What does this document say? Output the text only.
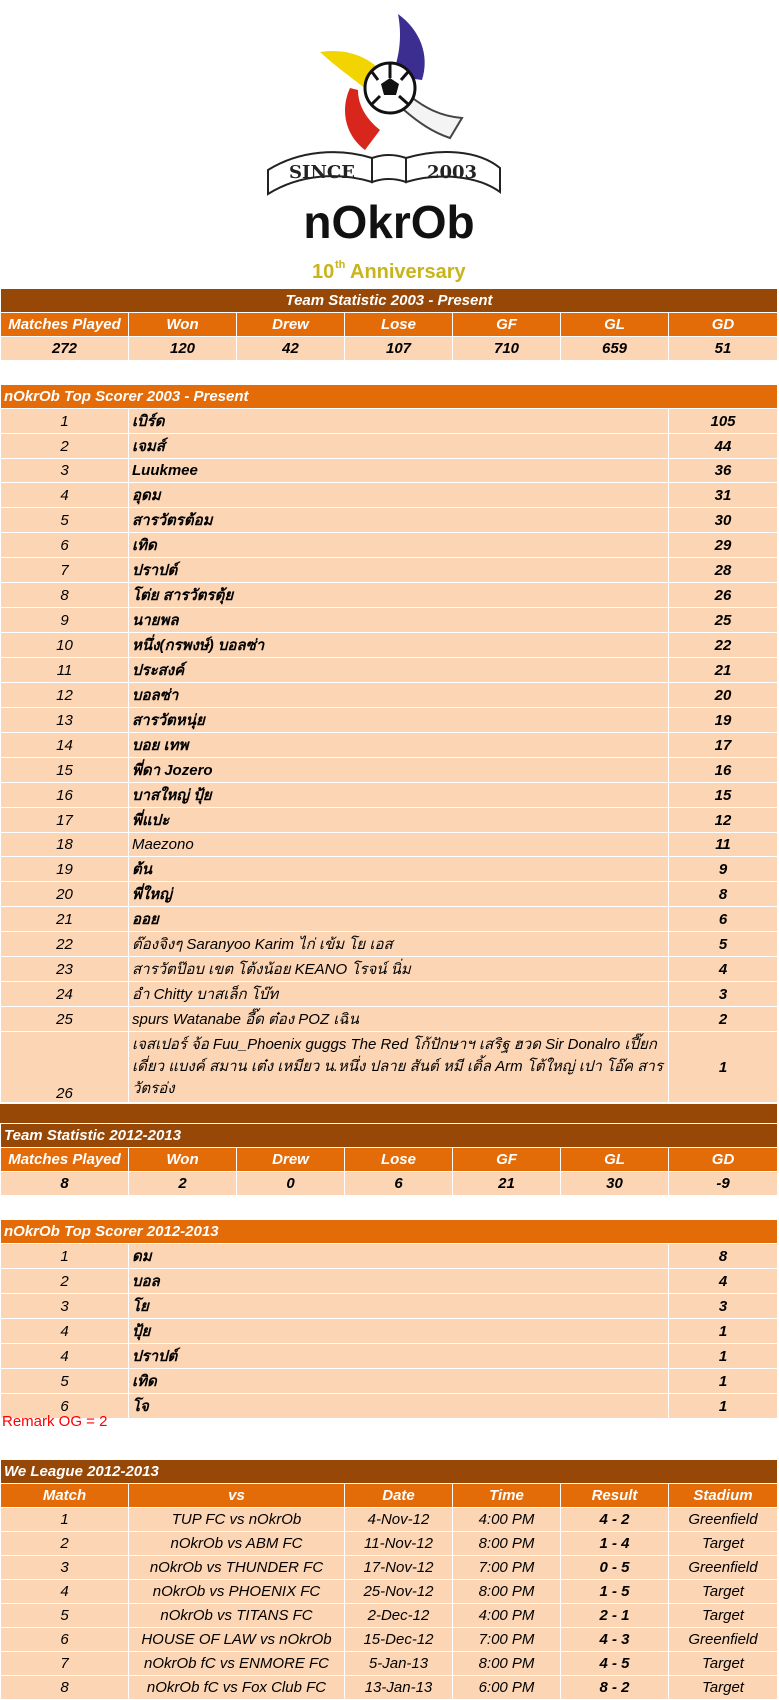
SINCE	2003
nOkrOb
10 th Anniversary
Team Statistic 2003 - Present						
Matches Played	Won	Drew	Lose	GF	GL	GD
272	120	42	107	710	659	51
nOkrOb Top Scorer 2003 - Present		
1	เบิร์ด	105
2	เจมส์	44
3	Luukmee	36
4	อุดม	31
5	สารวัตรต้อม	30
6	เทิด	29
7	ปราปต์	28
8	โต่ย สารวัตรตุ้ย	26
9	นายพล	25
10	หนึ่ง(กรพงษ์) บอลซ่า	22
11	ประสงค์	21
12	บอลซ่า	20
13	สารวัตหนุ่ย	19
14	บอย เทพ	17
15	พี่ดา Jozero	16
16	บาสใหญ่ ปุ้ย	15
17	พี่แปะ	12
18	Maezono	11
19	ต้น	9
20	พี่ใหญ่	8
21	ออย	6
22	ต๊องจิงๆ Saranyoo Karim ไก่ เข้ม โย เอส	5
23	สารวัตป๊อบ เขต โต้งน้อย KEANO โรจน์ นิ่ม	4
24	อำ Chitty บาสเล็ก โบ๊ท	3
25	spurs Watanabe อี๊ด ต๋อง POZ เฉิน	2
26	เจสเปอร์ จ้อ Fuu_Phoenix guggs The Red โก้ปักษาฯ เสริฐ ฮวด Sir Donalro เปี๊ยก เดี่ยว แบงค์ สมาน เต๋ง เหมียว น.หนึ่ง ปลาย สันต์ หมี เติ้ล Arm โต้ใหญ่ เปา โอ๊ค สารวัตรอ่ง	1
Team Statistic 2012-2013						
Matches Played	Won	Drew	Lose	GF	GL	GD
8	2	0	6	21	30	-9
nOkrOb Top Scorer 2012-2013		
1	ดม	8
2	บอล	4
3	โย	3
4	ปุ้ย	1
4	ปราปต์	1
5	เทิด	1
6	โจ	1
Remark OG = 2
We League 2012-2013					
Match	vs	Date	Time	Result	Stadium
1	TUP FC vs nOkrOb	4-Nov-12	4:00 PM	4 - 2	Greenfield
2	nOkrOb vs ABM FC	11-Nov-12	8:00 PM	1 - 4	Target
3	nOkrOb vs THUNDER FC	17-Nov-12	7:00 PM	0 - 5	Greenfield
4	nOkrOb vs PHOENIX FC	25-Nov-12	8:00 PM	1 - 5	Target
5	nOkrOb vs TITANS FC	2-Dec-12	4:00 PM	2 - 1	Target
6	HOUSE OF LAW vs nOkrOb	15-Dec-12	7:00 PM	4 - 3	Greenfield
7	nOkrOb fC vs ENMORE FC	5-Jan-13	8:00 PM	4 - 5	Target
8	nOkrOb fC vs Fox Club FC	13-Jan-13	6:00 PM	8 - 2	Target
